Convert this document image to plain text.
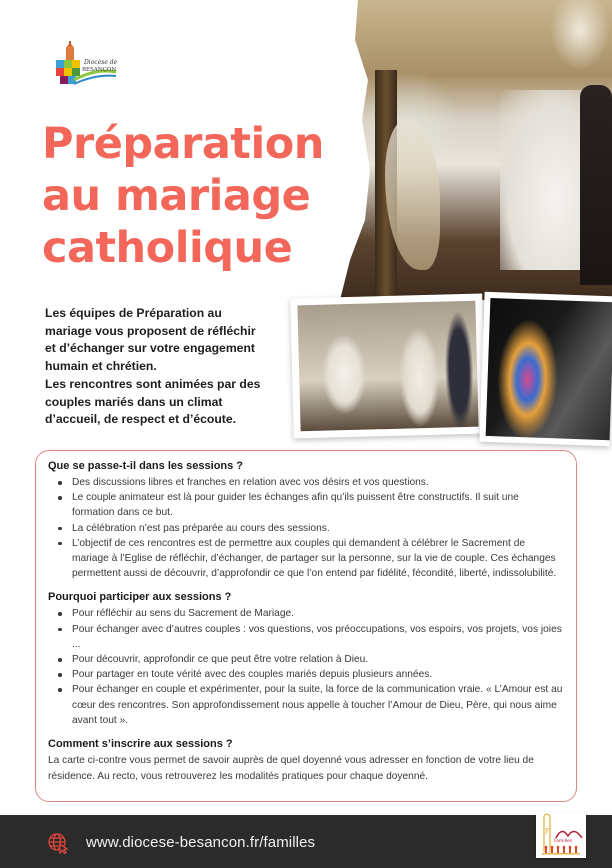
Diocèse de
BESANÇON
Préparation
au mariage
catholique
Les équipes de Préparation au
mariage vous proposent de réfléchir
et d’échanger sur votre engagement
humain et chrétien.
Les rencontres sont animées par des
couples mariés dans un climat
d’accueil, de respect et d’écoute.
Que se passe-t-il dans les sessions ?
Des discussions libres et franches en relation avec vos désirs et vos questions.
Le couple animateur est là pour guider les échanges afin qu’ils puissent être constructifs. Il suit une formation dans ce but.
La célébration n’est pas préparée au cours des sessions.
L’objectif de ces rencontres est de permettre aux couples qui demandent à célébrer le Sacrement de mariage à l’Eglise de réfléchir, d’échanger, de partager sur la personne, sur la vie de couple. Ces échanges permettent aussi de découvrir, d’approfondir ce que l’on entend par fidélité, fécondité, liberté, indissolubilité.
Pourquoi participer aux sessions ?
Pour réfléchir au sens du Sacrement de Mariage.
Pour échanger avec d’autres couples : vos questions, vos préoccupations, vos espoirs, vos projets, vos joies ...
Pour découvrir, approfondir ce que peut être votre relation à Dieu.
Pour partager en toute vérité avec des couples mariés depuis plusieurs années.
Pour échanger en couple et expérimenter, pour la suite, la force de la communication vraie. « L’Amour est au cœur des rencontres. Son approfondissement nous appelle à toucher l’Amour de Dieu, Père, qui nous aime avant tout ».
Comment s’inscrire aux sessions ?

La carte ci-contre vous permet de savoir auprès de quel doyenné vous adresser en fonction de votre lieu de résidence. Au recto, vous retrouverez les modalités pratiques pour chaque doyenné.

www.diocese-besancon.fr/familles
F
Familles
